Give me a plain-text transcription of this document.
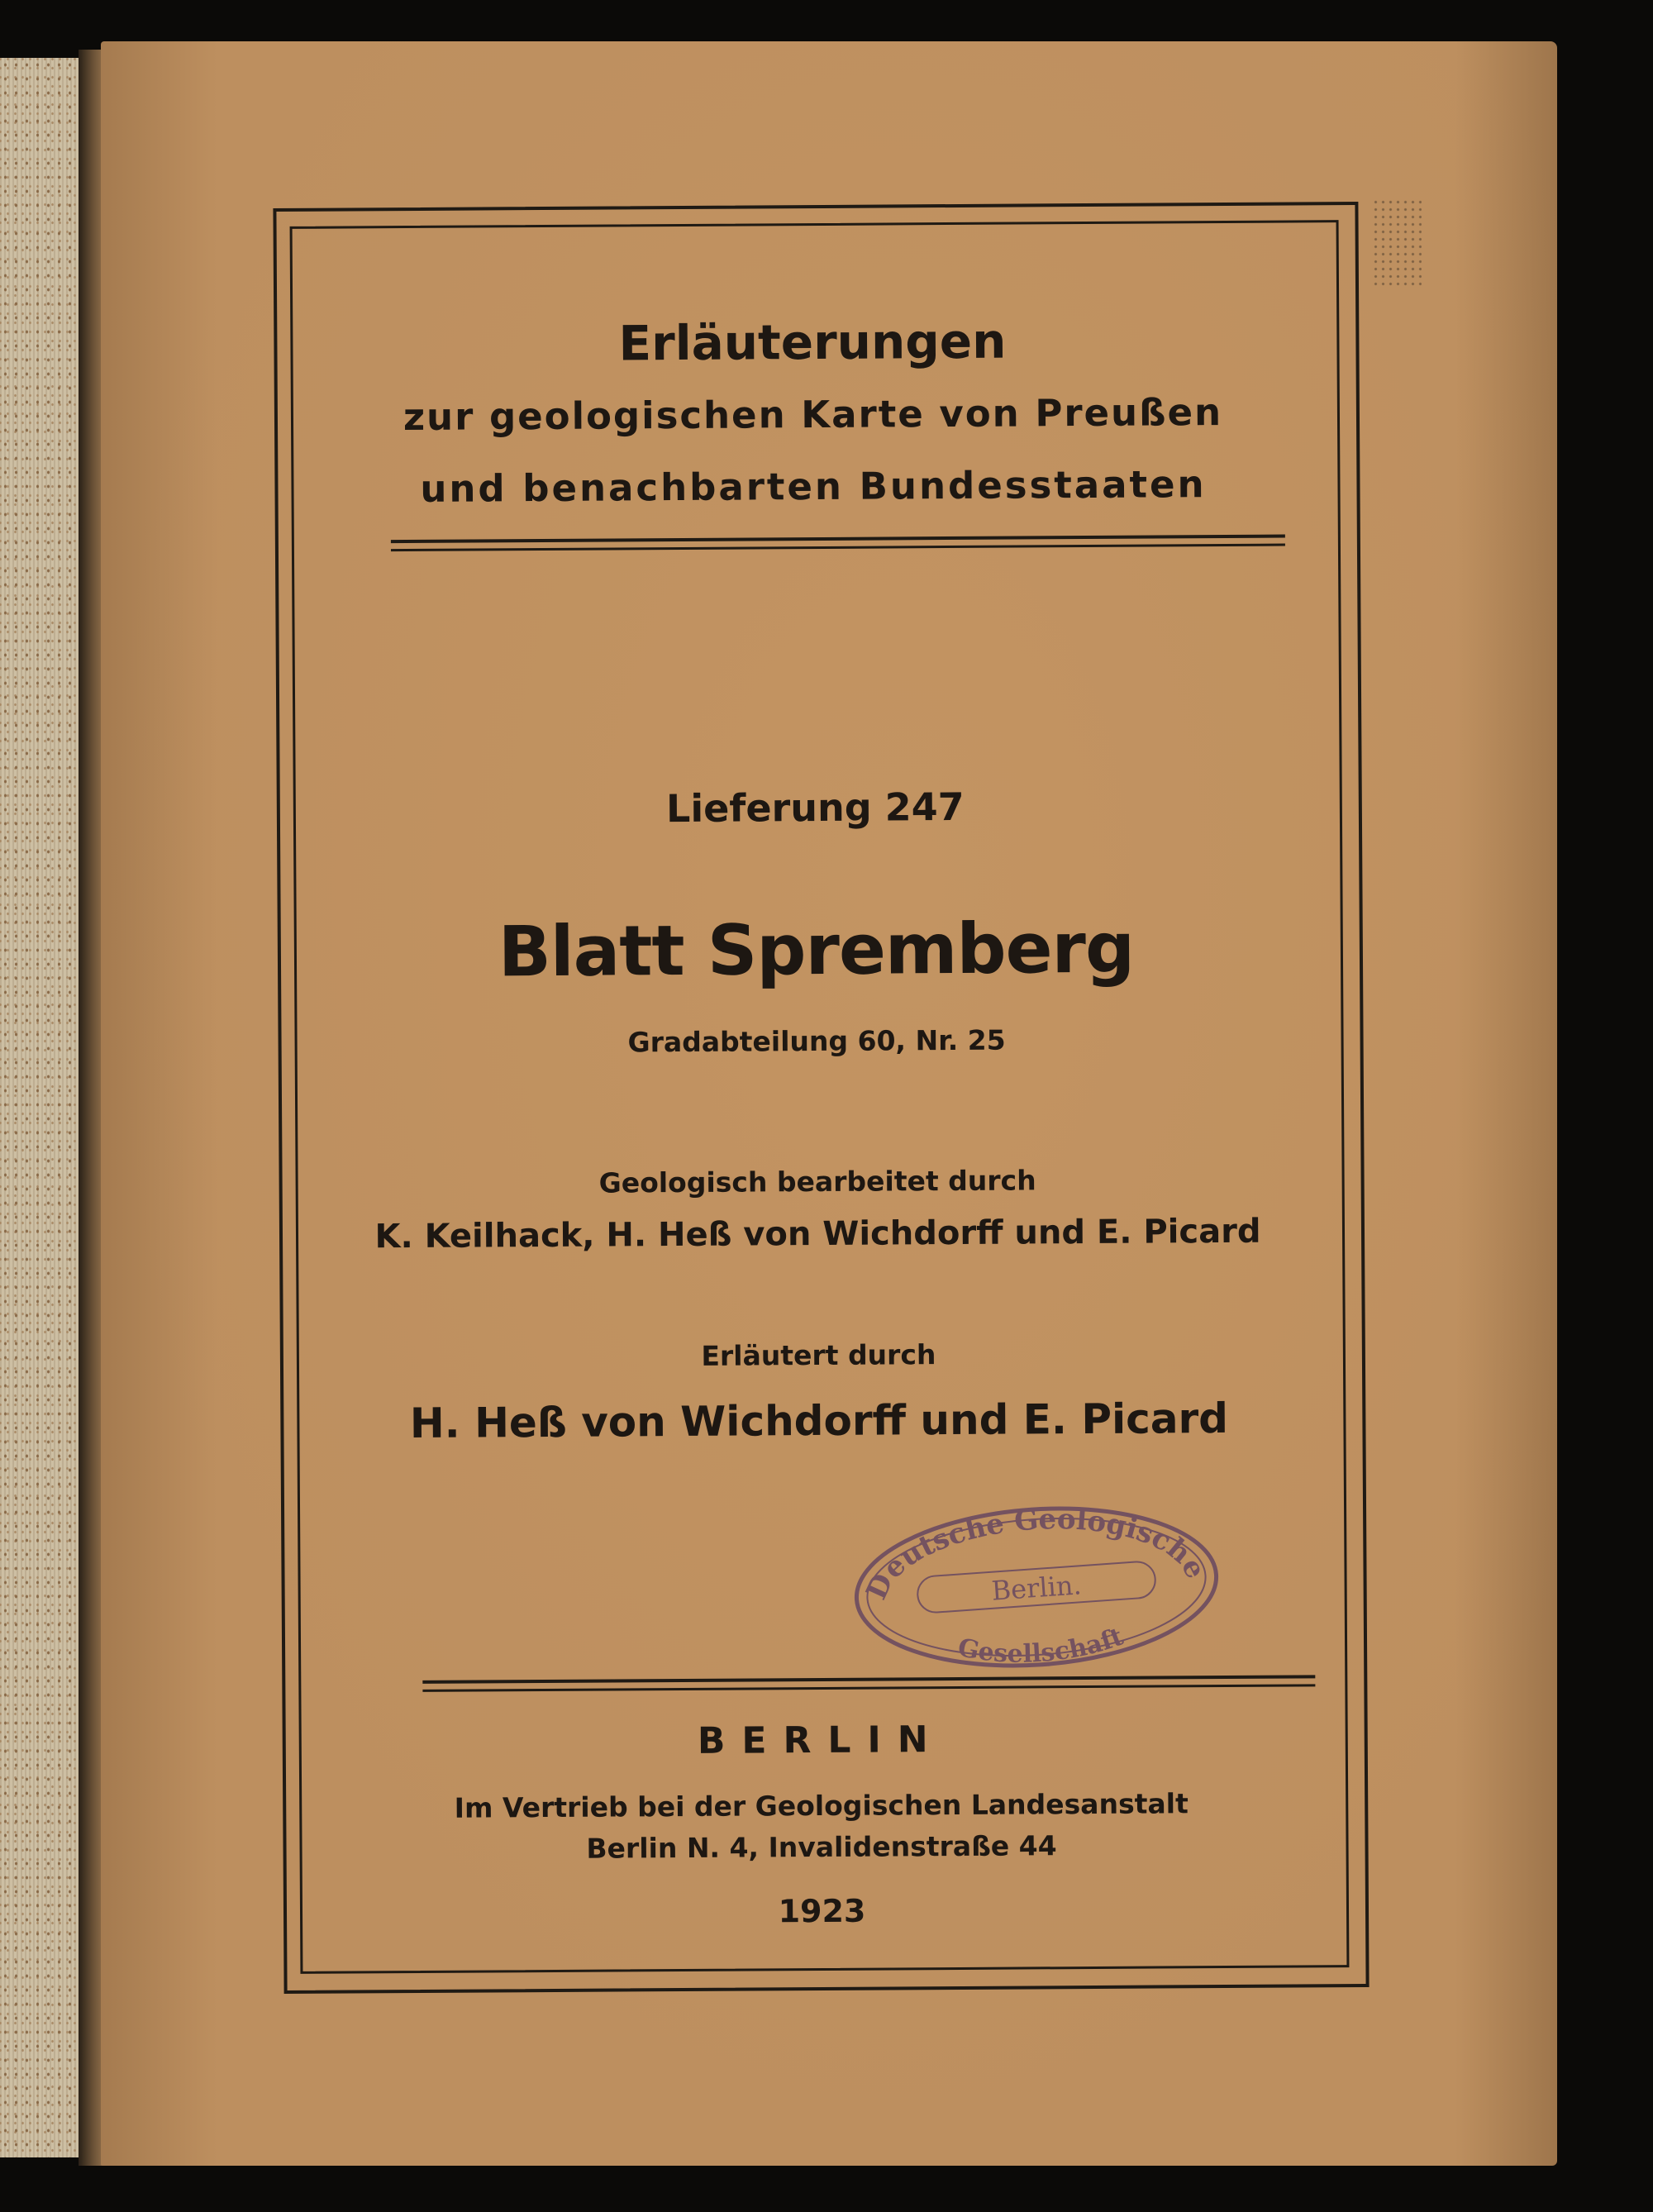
Erläuterungen
zur geologischen Karte von Preußen
und benachbarten Bundesstaaten
Lieferung 247
Blatt Spremberg
Gradabteilung 60, Nr. 25
Geologisch bearbeitet durch
K. Keilhack, H. Heß von Wichdorff und E. Picard
Erläutert durch
H. Heß von Wichdorff und E. Picard
BERLIN
Im Vertrieb bei der Geologischen Landesanstalt
Berlin N. 4, Invalidenstraße 44
1923
Deutsche Geologische
Berlin.
Gesellschaft
